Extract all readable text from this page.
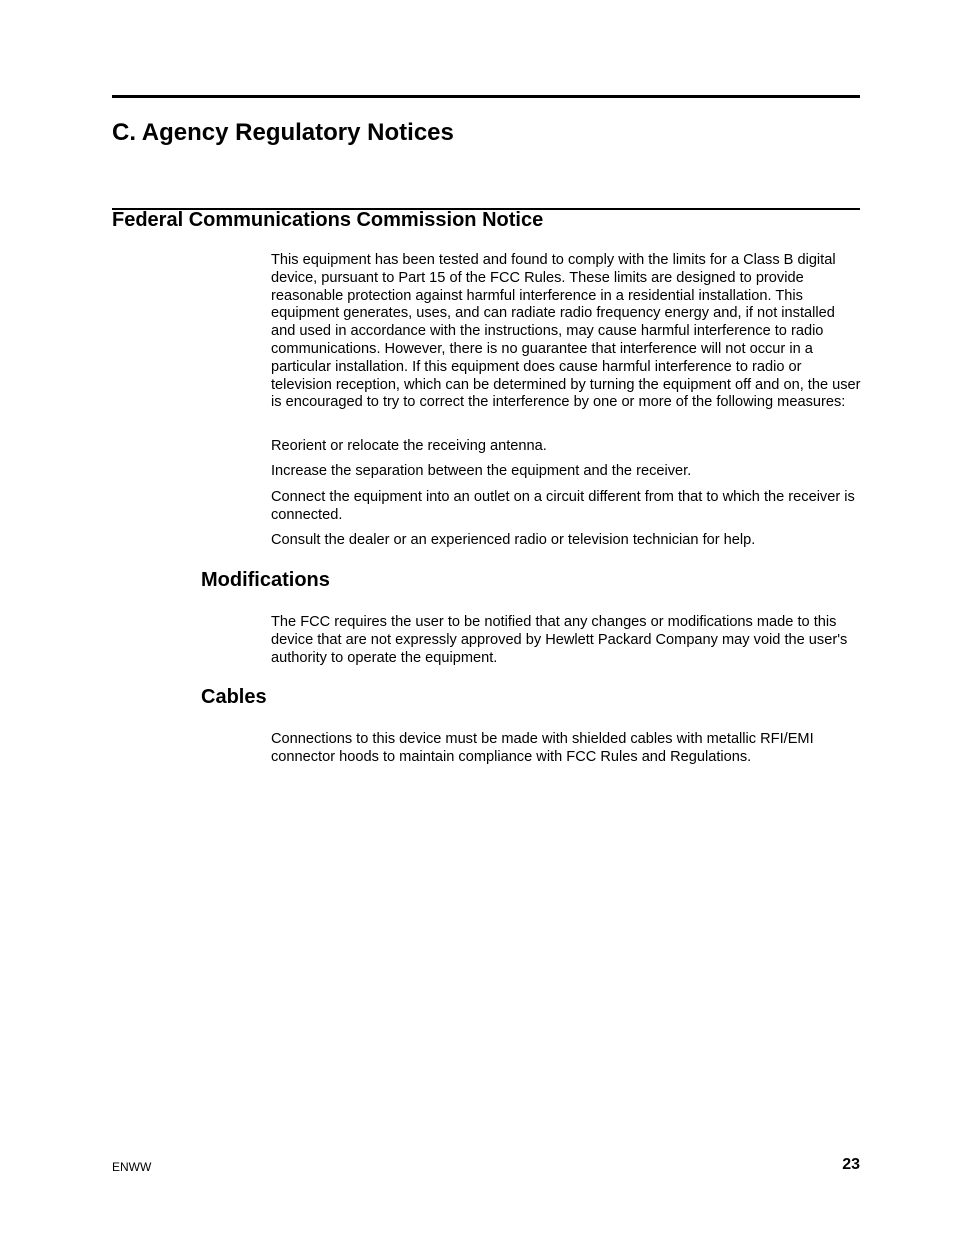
C. Agency Regulatory Notices
Federal Communications Commission Notice

This equipment has been tested and found to comply with the limits for a Class B digital device, pursuant to Part 15 of the FCC Rules. These limits are designed to provide reasonable protection against harmful interference in a residential installation. This equipment generates, uses, and can radiate radio frequency energy and, if not installed and used in accordance with the instructions, may cause harmful interference to radio communications. However, there is no guarantee that interference will not occur in a particular installation. If this equipment does cause harmful interference to radio or television reception, which can be determined by turning the equipment off and on, the user is encouraged to try to correct the interference by one or more of the following measures:

Reorient or relocate the receiving antenna.

Increase the separation between the equipment and the receiver.

Connect the equipment into an outlet on a circuit different from that to which the receiver is connected.

Consult the dealer or an experienced radio or television technician for help.

Modifications

The FCC requires the user to be notified that any changes or modifications made to this device that are not expressly approved by Hewlett Packard Company may void the user's authority to operate the equipment.

Cables

Connections to this device must be made with shielded cables with metallic RFI/EMI connector hoods to maintain compliance with FCC Rules and Regulations.

ENWW	23
